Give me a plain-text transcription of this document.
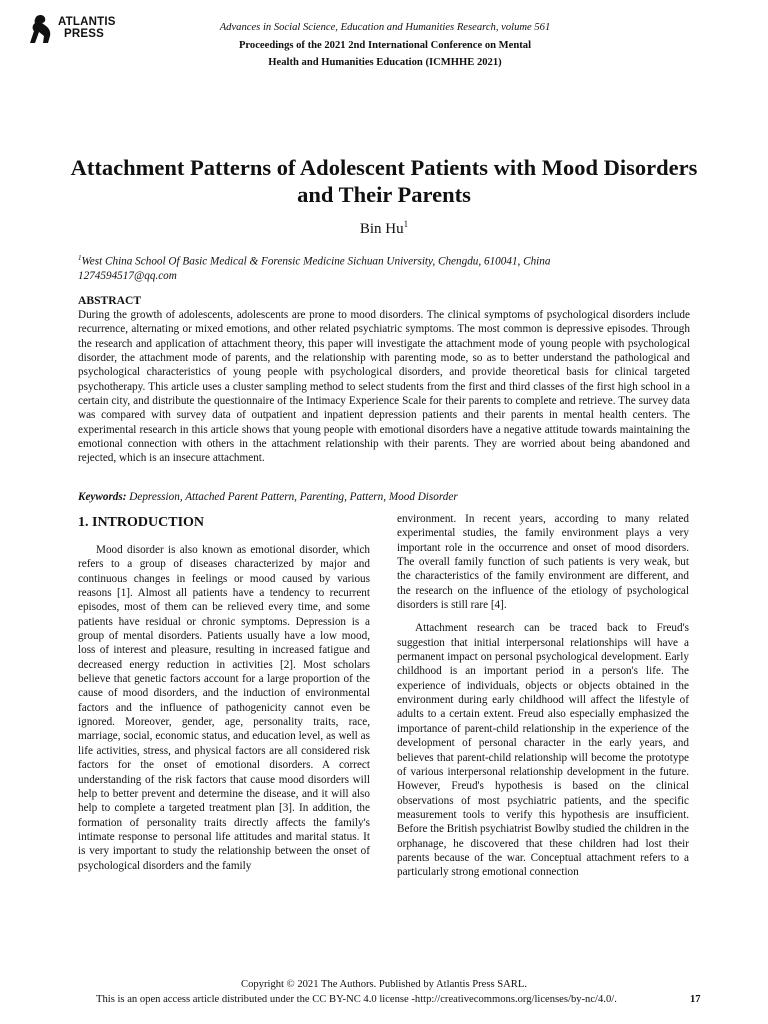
ATLANTIS
PRESS
Advances in Social Science, Education and Humanities Research, volume 561
Proceedings of the 2021 2nd International Conference on Mental
Health and Humanities Education (ICMHHE 2021)
Attachment Patterns of Adolescent Patients with Mood Disorders and Their Parents
Bin Hu$^1$
$^1$West China School Of Basic Medical & Forensic Medicine Sichuan University, Chengdu, 610041, China
1274594517@qq.com
ABSTRACT

During the growth of adolescents, adolescents are prone to mood disorders. The clinical symptoms of psychological disorders include recurrence, alternating or mixed emotions, and other related psychiatric symptoms. The most common is depressive episodes. Through the research and application of attachment theory, this paper will investigate the attachment mode of young people with psychological disorder, the attachment mode of parents, and the relationship with parenting mode, so as to better understand the pathological and psychological characteristics of young people with psychological disorders, and provide theoretical basis for clinical targeted psychotherapy. This article uses a cluster sampling method to select students from the first and third classes of the first high school in a certain city, and distribute the questionnaire of the Intimacy Experience Scale for their parents to complete and retrieve. The survey data was compared with survey data of outpatient and inpatient depression patients and their parents in mental health centers. The experimental research in this article shows that young people with emotional disorders have a negative attitude towards maintaining the emotional connection with others in the attachment relationship with their parents. They are worried about being abandoned and rejected, which is an insecure attachment.

Keywords: Depression, Attached Parent Pattern, Parenting, Pattern, Mood Disorder
1. INTRODUCTION

Mood disorder is also known as emotional disorder, which refers to a group of diseases characterized by major and continuous changes in feelings or mood caused by various reasons [1]. Almost all patients have a tendency to recurrent episodes, most of them can be relieved every time, and some patients have residual or chronic symptoms. Depression is a group of mental disorders. Patients usually have a low mood, loss of interest and pleasure, resulting in increased fatigue and decreased energy reduction in activities [2]. Most scholars believe that genetic factors account for a large proportion of the cause of mood disorders, and the induction of environmental factors and the influence of pathogenicity cannot even be ignored. Moreover, gender, age, personality traits, race, marriage, social, economic status, and education level, as well as life activities, stress, and physical factors are all considered risk factors for the onset of emotional disorders. A correct understanding of the risk factors that cause mood disorders will help to better prevent and determine the disease, and it will also help to complete a targeted treatment plan [3]. In addition, the formation of personality traits directly affects the family's intimate response to personal life attitudes and marital status. It is very important to study the relationship between the onset of psychological disorders and the family

environment. In recent years, according to many related experimental studies, the family environment plays a very important role in the occurrence and onset of mood disorders. The overall family function of such patients is very weak, but the characteristics of the family environment are different, and the research on the influence of the etiology of psychological disorders is still rare [4].

Attachment research can be traced back to Freud's suggestion that initial interpersonal relationships will have a permanent impact on personal psychological development. Early childhood is an important period in a person's life. The experience of individuals, objects or objects obtained in the environment during early childhood will affect the lifestyle of adults to a certain extent. Freud also especially emphasized the importance of parent-child relationship in the experience of the development of personal character in the early years, and believes that parent-child relationship will become the prototype of various interpersonal relationship development in the future. However, Freud's hypothesis is based on the clinical observations of most psychiatric patients, and the specific measurement tools to verify this hypothesis are insufficient. Before the British psychiatrist Bowlby studied the children in the orphanage, he discovered that these children had lost their parents because of the war. Conceptual attachment refers to a particularly strong emotional connection

Copyright © 2021 The Authors. Published by Atlantis Press SARL.
This is an open access article distributed under the CC BY-NC 4.0 license -http://creativecommons.org/licenses/by-nc/4.0/.	17
